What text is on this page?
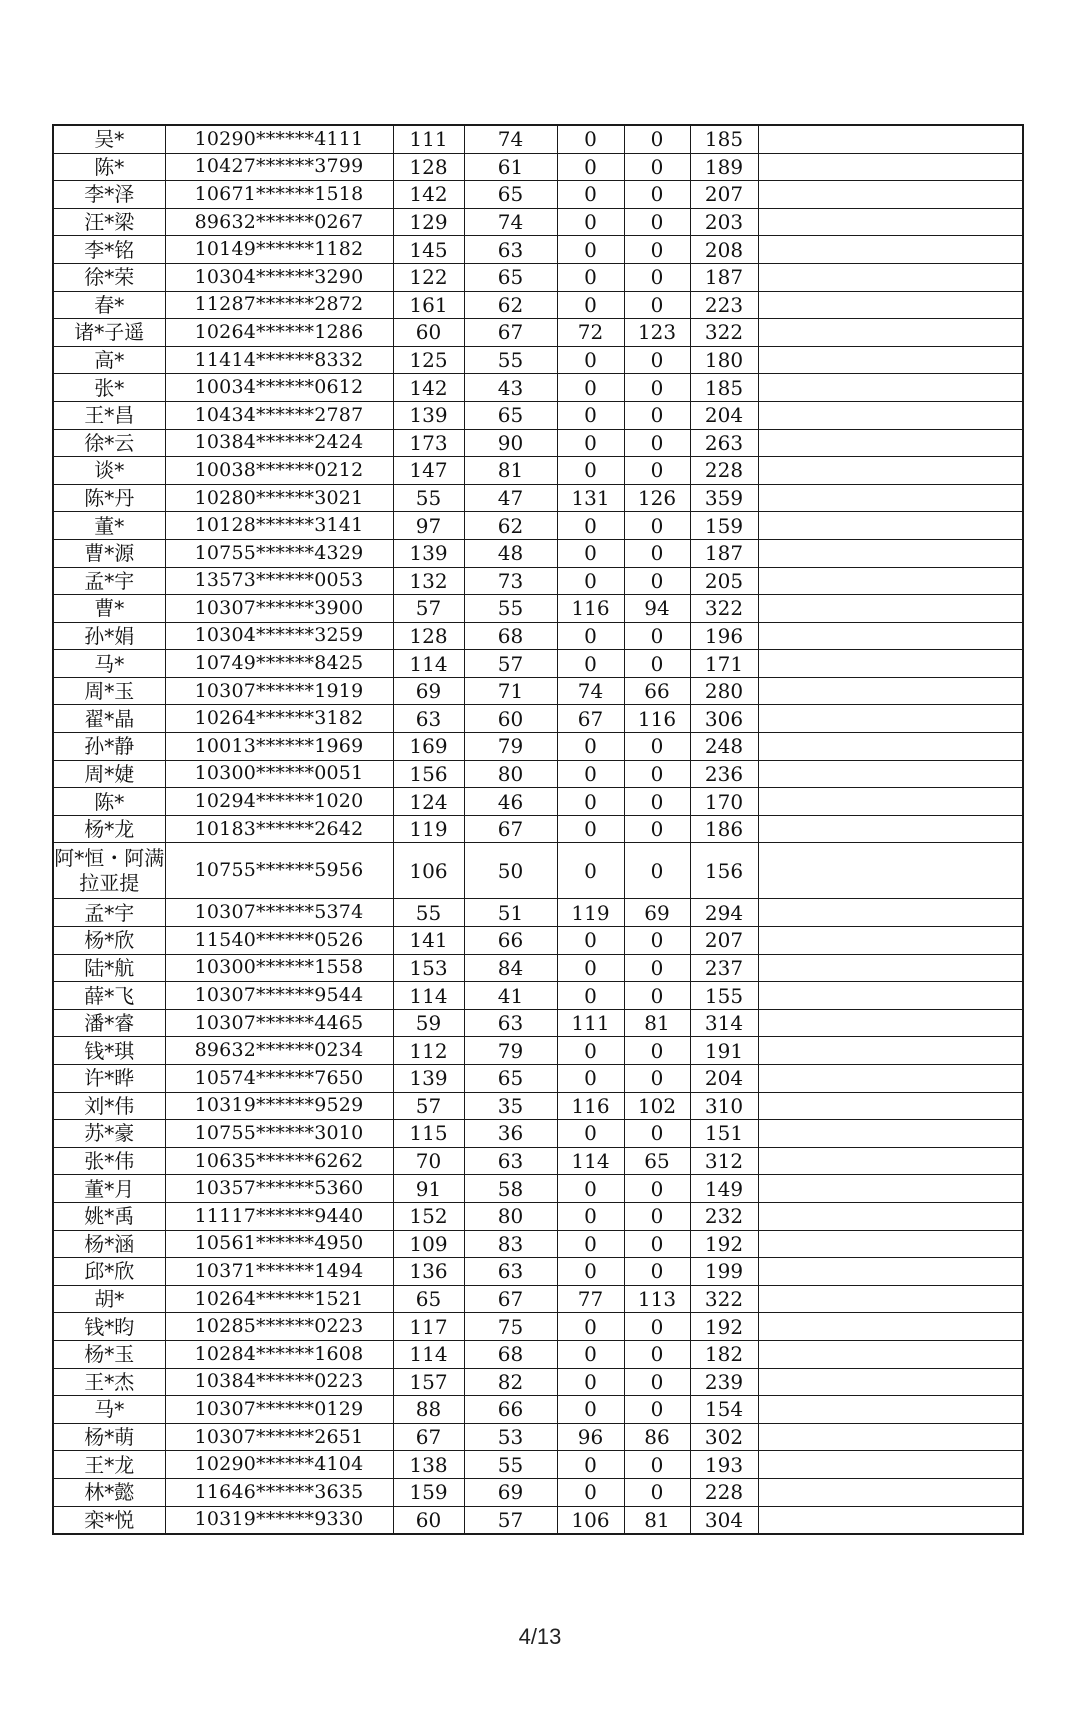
吴*	10290******4111	111	74	0	0	185	
陈*	10427******3799	128	61	0	0	189	
李*泽	10671******1518	142	65	0	0	207	
汪*梁	89632******0267	129	74	0	0	203	
李*铭	10149******1182	145	63	0	0	208	
徐*荣	10304******3290	122	65	0	0	187	
春*	11287******2872	161	62	0	0	223	
诸*子遥	10264******1286	60	67	72	123	322	
高*	11414******8332	125	55	0	0	180	
张*	10034******0612	142	43	0	0	185	
王*昌	10434******2787	139	65	0	0	204	
徐*云	10384******2424	173	90	0	0	263	
谈*	10038******0212	147	81	0	0	228	
陈*丹	10280******3021	55	47	131	126	359	
董*	10128******3141	97	62	0	0	159	
曹*源	10755******4329	139	48	0	0	187	
孟*宇	13573******0053	132	73	0	0	205	
曹*	10307******3900	57	55	116	94	322	
孙*娟	10304******3259	128	68	0	0	196	
马*	10749******8425	114	57	0	0	171	
周*玉	10307******1919	69	71	74	66	280	
翟*晶	10264******3182	63	60	67	116	306	
孙*静	10013******1969	169	79	0	0	248	
周*婕	10300******0051	156	80	0	0	236	
陈*	10294******1020	124	46	0	0	170	
杨*龙	10183******2642	119	67	0	0	186	
阿*恒・阿满拉亚提	10755******5956	106	50	0	0	156	
孟*宇	10307******5374	55	51	119	69	294	
杨*欣	11540******0526	141	66	0	0	207	
陆*航	10300******1558	153	84	0	0	237	
薛*飞	10307******9544	114	41	0	0	155	
潘*睿	10307******4465	59	63	111	81	314	
钱*琪	89632******0234	112	79	0	0	191	
许*晔	10574******7650	139	65	0	0	204	
刘*伟	10319******9529	57	35	116	102	310	
苏*豪	10755******3010	115	36	0	0	151	
张*伟	10635******6262	70	63	114	65	312	
董*月	10357******5360	91	58	0	0	149	
姚*禹	11117******9440	152	80	0	0	232	
杨*涵	10561******4950	109	83	0	0	192	
邱*欣	10371******1494	136	63	0	0	199	
胡*	10264******1521	65	67	77	113	322	
钱*昀	10285******0223	117	75	0	0	192	
杨*玉	10284******1608	114	68	0	0	182	
王*杰	10384******0223	157	82	0	0	239	
马*	10307******0129	88	66	0	0	154	
杨*萌	10307******2651	67	53	96	86	302	
王*龙	10290******4104	138	55	0	0	193	
林*懿	11646******3635	159	69	0	0	228	
栾*悦	10319******9330	60	57	106	81	304	
4/13
